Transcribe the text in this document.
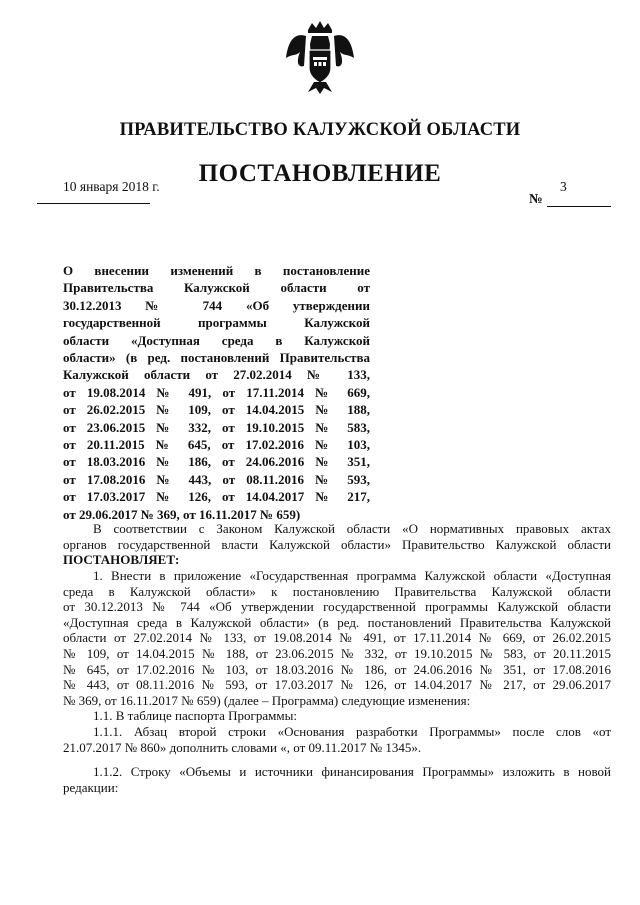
ПРАВИТЕЛЬСТВО КАЛУЖСКОЙ ОБЛАСТИ
ПОСТАНОВЛЕНИЕ
10 января 2018 г.	3
№
О внесении изменений в постановление
Правительства Калужской области от
30.12.2013 № 744 «Об утверждении
государственной программы Калужской
области «Доступная среда в Калужской
области» (в ред. постановлений Правительства
Калужской области от 27.02.2014 № 133,
от 19.08.2014 № 491, от 17.11.2014 № 669,
от 26.02.2015 № 109, от 14.04.2015 № 188,
от 23.06.2015 № 332, от 19.10.2015 № 583,
от 20.11.2015 № 645, от 17.02.2016 № 103,
от 18.03.2016 № 186, от 24.06.2016 № 351,
от 17.08.2016 № 443, от 08.11.2016 № 593,
от 17.03.2017 № 126, от 14.04.2017 № 217,
от 29.06.2017 № 369, от 16.11.2017 № 659)
В соответствии с Законом Калужской области «О нормативных правовых актах
органов государственной власти Калужской области» Правительство Калужской области
ПОСТАНОВЛЯЕТ:
1. Внести в приложение «Государственная программа Калужской области «Доступная
среда в Калужской области» к постановлению Правительства Калужской области
от 30.12.2013 № 744 «Об утверждении государственной программы Калужской области
«Доступная среда в Калужской области» (в ред. постановлений Правительства Калужской
области от 27.02.2014 № 133, от 19.08.2014 № 491, от 17.11.2014 № 669, от 26.02.2015
№ 109, от 14.04.2015 № 188, от 23.06.2015 № 332, от 19.10.2015 № 583, от 20.11.2015
№ 645, от 17.02.2016 № 103, от 18.03.2016 № 186, от 24.06.2016 № 351, от 17.08.2016
№ 443, от 08.11.2016 № 593, от 17.03.2017 № 126, от 14.04.2017 № 217, от 29.06.2017
№ 369, от 16.11.2017 № 659) (далее – Программа) следующие изменения:
1.1. В таблице паспорта Программы:
1.1.1. Абзац второй строки «Основания разработки Программы» после слов «от
21.07.2017 № 860» дополнить словами «, от 09.11.2017 № 1345».
1.1.2. Строку «Объемы и источники финансирования Программы» изложить в новой
редакции:
